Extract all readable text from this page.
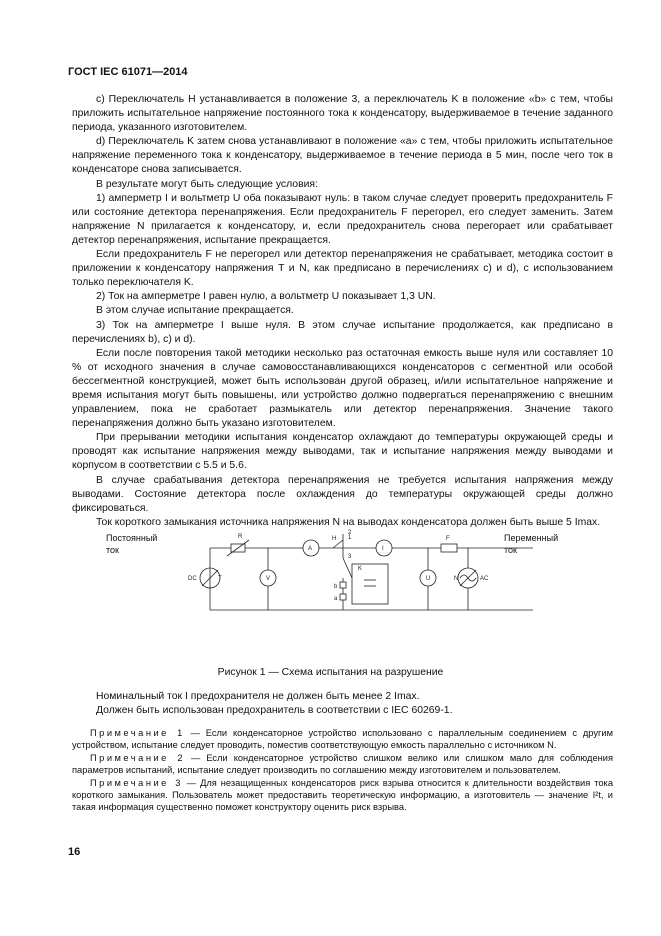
ГОСТ IEC 61071—2014

c) Переключатель H устанавливается в положение 3, а переключатель K в положение «b» с тем, чтобы приложить испытательное напряжение постоянного тока к конденсатору, выдерживаемое в течение заданного периода, указанного изготовителем.

d) Переключатель K затем снова устанавливают в положение «а» с тем, чтобы приложить испытательное напряжение переменного тока к конденсатору, выдерживаемое в течение периода в 5 мин, после чего ток в конденсаторе снова записывается.

В результате могут быть следующие условия:

1) амперметр I и вольтметр U оба показывают нуль: в таком случае следует проверить предохранитель F или состояние детектора перенапряжения. Если предохранитель F перегорел, его следует заменить. Затем напряжение N прилагается к конденсатору, и, если предохранитель снова перегорает или срабатывает детектор перенапряжения, испытание прекращается.

Если предохранитель F не перегорел или детектор перенапряжения не срабатывает, методика состоит в приложении к конденсатору напряжения T и N, как предписано в перечислениях с) и d), с использованием только переключателя K.

2) Ток на амперметре I равен нулю, а вольтметр U показывает 1,3 UN.

В этом случае испытание прекращается.

3) Ток на амперметре I выше нуля. В этом случае испытание продолжается, как предписано в перечислениях b), c) и d).

Если после повторения такой методики несколько раз остаточная емкость выше нуля или составляет 10 % от исходного значения в случае самовосстанавливающихся конденсаторов с сегментной или особой бессегментной конструкцией, может быть использован другой образец, и/или испытательное напряжение и время испытания могут быть повышены, или устройство должно подвергаться перенапряжению с внешним управлением, пока не сработает размыкатель или детектор перенапряжения. Значение такого перенапряжения должно быть указано изготовителем.

При прерывании методики испытания конденсатор охлаждают до температуры окружающей среды и проводят как испытание напряжения между выводами, так и испытание напряжения между выводами и корпусом в соответствии с 5.5 и 5.6.

В случае срабатывания детектора перенапряжения не требуется испытания напряжения между выводами. Состояние детектора после охлаждения до температуры окружающей среды должно фиксироваться.

Ток короткого замыкания источника напряжения N на выводах конденсатора должен быть выше 5 Imax.

Постоянный
ток
Переменный
ток
R
A
H 1
2
3
I
F
DC	T	V
K
a
b
U	N	AC
Рисунок 1 — Схема испытания на разрушение

Номинальный ток I предохранителя не должен быть менее 2 Imax.

Должен быть использован предохранитель в соответствии с IEC 60269-1.

Примечание 1 — Если конденсаторное устройство использовано с параллельным соединением с другим устройством, испытание следует проводить, поместив соответствующую емкость параллельно с источником N.

Примечание 2 — Если конденсаторное устройство слишком велико или слишком мало для соблюдения параметров испытаний, испытание следует производить по соглашению между изготовителем и пользователем.

Примечание 3 — Для незащищенных конденсаторов риск взрыва относится к длительности воздействия тока короткого замыкания. Пользователь может предоставить теоретическую информацию, а изготовитель — значение I²t, и такая информация существенно поможет конструктору оценить риск взрыва.

16
